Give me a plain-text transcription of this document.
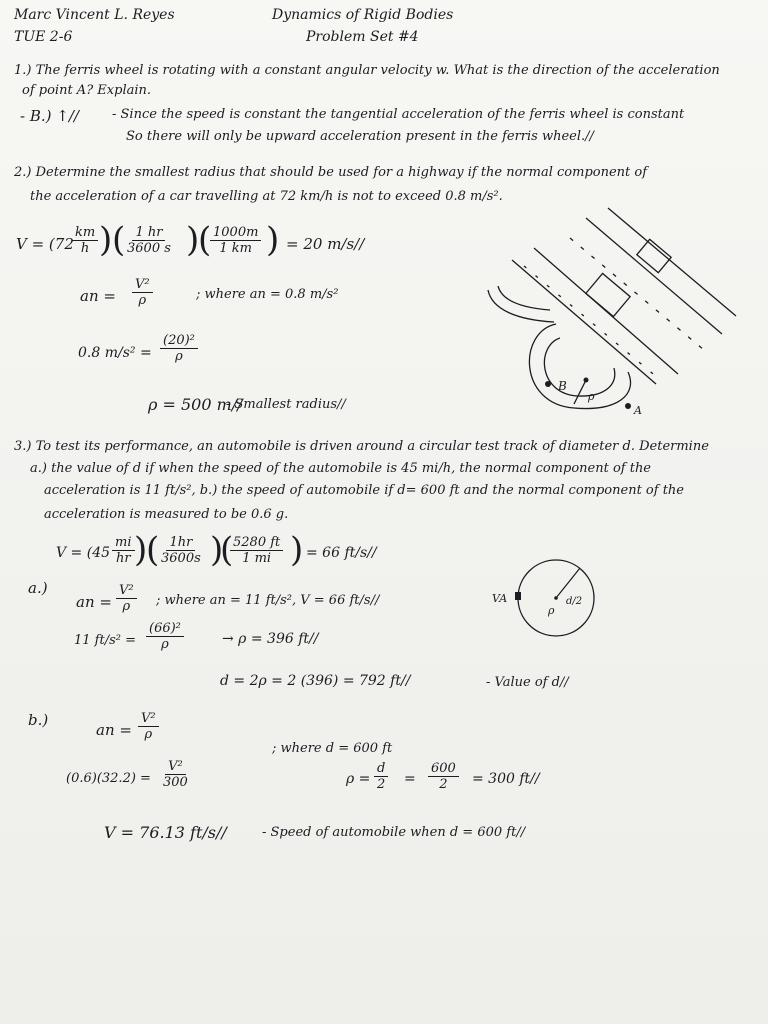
Marc Vincent L. Reyes
TUE 2-6
Dynamics of Rigid Bodies
Problem Set #4
1.) The ferris wheel is rotating with a constant angular velocity w. What is the direction of the acceleration
of point A? Explain.
- B.) ↑//	- Since the speed is constant the tangential acceleration of the ferris wheel is constant
So there will only be upward acceleration present in the ferris wheel.//
2.) Determine the smallest radius that should be used for a highway if the normal component of
the acceleration of a car travelling at 72 km/h is not to exceed 0.8 m/s².
V = (72
$\frac{km}{h}$ ) (
$\frac{1 hr}{3600 s}$ )
(
$\frac{1000m}{1 km}$ ) = 20 m/s//
an = $\frac{\text{V²}}{\rho}$	; where an = 0.8 m/s²
0.8 $m/s^2 = \frac{\text{(20)²}}{\rho}$
ρ = 500 m//
- Smallest radius//
B
ρ
A
3.) To test its performance, an automobile is driven around a circular test track of diameter d. Determine
a.) the value of d if when the speed of the automobile is 45 mi/h, the normal component of the
acceleration is 11 ft/s², b.) the speed of automobile if d= 600 ft and the normal component of the
acceleration is measured to be 0.6 g.
$V = (45 \frac{mi}{hr}$ )
(
$\frac{1hr}{3600s}$ )
(
$\frac{5280 ft}{1 mi}$ ) = 66 ft/s//
a.)
an = $\frac{\text{V²}}{\rho}$ ; where an = 11 ft/s², V = 66 ft/s//
11 $ft/s^2 = \frac{\text{(66)²}}{\rho}$	→ ρ = 396 ft//
d = 2ρ = 2 (396) = 792 ft//	- Value of d//
VA
ρ
d/2
b.)
an = $\frac{\text{V²}}{\rho}$
; where d = 600 ft
$\rho = \frac{d}{2} = \frac{600}{2} = 300$ ft//
$(0.6)(32.2) = \frac{\text{V²}}{300}$
V = 76.13 ft/s//	- Speed of automobile when d = 600 ft//
